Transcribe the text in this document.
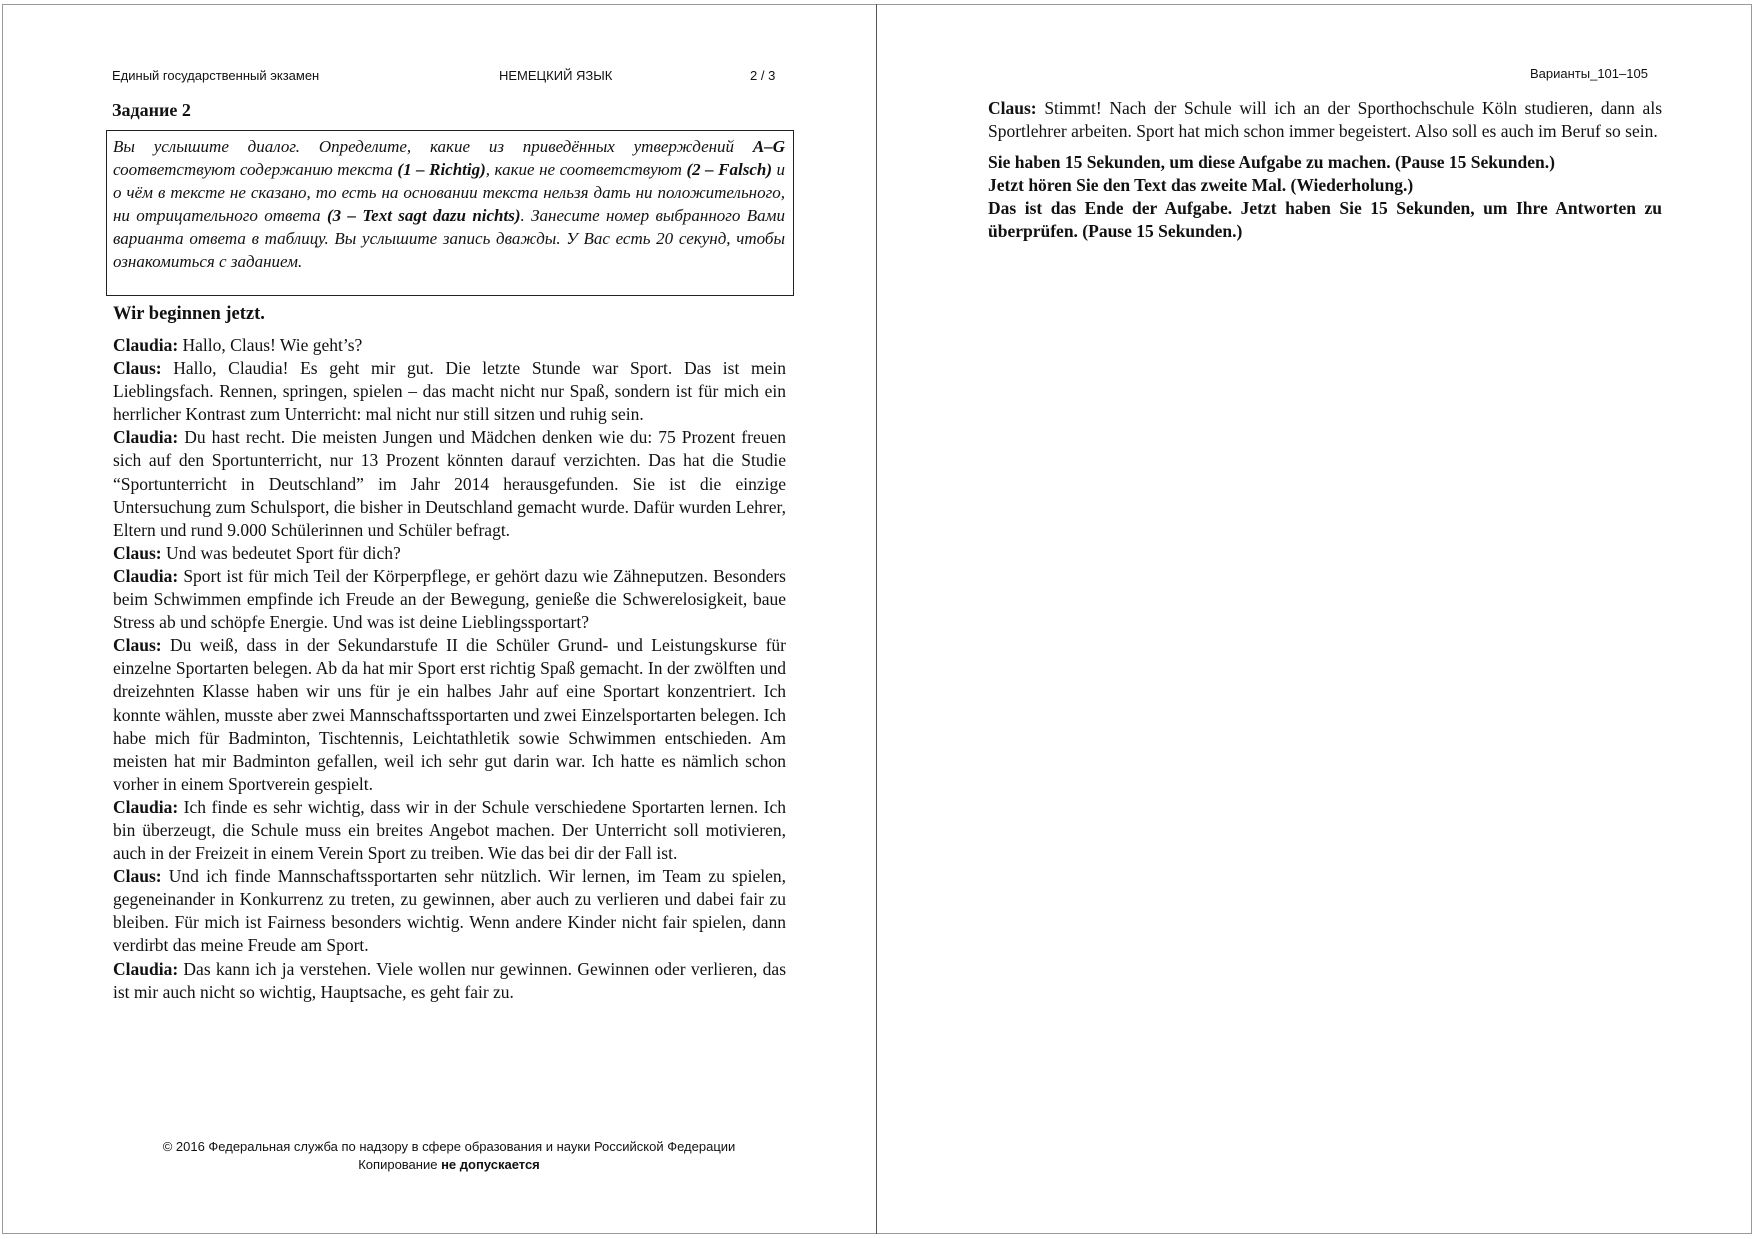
Единый государственный экзамен	НЕМЕЦКИЙ ЯЗЫК	2 / 3
Задание 2
Вы услышите диалог. Определите, какие из приведённых утверждений A–G соответствуют содержанию текста (1 – Richtig), какие не соответствуют (2 – Falsch) и о чём в тексте не сказано, то есть на основании текста нельзя дать ни положительного, ни отрицательного ответа (3 – Text sagt dazu nichts). Занесите номер выбранного Вами варианта ответа в таблицу. Вы услышите запись дважды. У Вас есть 20 секунд, чтобы ознакомиться с заданием.

Wir beginnen jetzt.

Claudia: Hallo, Claus! Wie geht’s?

Claus: Hallo, Claudia! Es geht mir gut. Die letzte Stunde war Sport. Das ist mein Lieblingsfach. Rennen, springen, spielen – das macht nicht nur Spaß, sondern ist für mich ein herrlicher Kontrast zum Unterricht: mal nicht nur still sitzen und ruhig sein.

Claudia: Du hast recht. Die meisten Jungen und Mädchen denken wie du: 75 Prozent freuen sich auf den Sportunterricht, nur 13 Prozent könnten darauf verzichten. Das hat die Studie “Sportunterricht in Deutschland” im Jahr 2014 herausgefunden. Sie ist die einzige Untersuchung zum Schulsport, die bisher in Deutschland gemacht wurde. Dafür wurden Lehrer, Eltern und rund 9.000 Schülerinnen und Schüler befragt.

Claus: Und was bedeutet Sport für dich?

Claudia: Sport ist für mich Teil der Körperpflege, er gehört dazu wie Zähneputzen. Besonders beim Schwimmen empfinde ich Freude an der Bewegung, genieße die Schwerelosigkeit, baue Stress ab und schöpfe Energie. Und was ist deine Lieblingssportart?

Claus: Du weiß, dass in der Sekundarstufe II die Schüler Grund- und Leistungskurse für einzelne Sportarten belegen. Ab da hat mir Sport erst richtig Spaß gemacht. In der zwölften und dreizehnten Klasse haben wir uns für je ein halbes Jahr auf eine Sportart konzentriert. Ich konnte wählen, musste aber zwei Mannschaftssportarten und zwei Einzelsportarten belegen. Ich habe mich für Badminton, Tischtennis, Leichtathletik sowie Schwimmen entschieden. Am meisten hat mir Badminton gefallen, weil ich sehr gut darin war. Ich hatte es nämlich schon vorher in einem Sportverein gespielt.

Claudia: Ich finde es sehr wichtig, dass wir in der Schule verschiedene Sportarten lernen. Ich bin überzeugt, die Schule muss ein breites Angebot machen. Der Unterricht soll motivieren, auch in der Freizeit in einem Verein Sport zu treiben. Wie das bei dir der Fall ist.

Claus: Und ich finde Mannschaftssportarten sehr nützlich. Wir lernen, im Team zu spielen, gegeneinander in Konkurrenz zu treten, zu gewinnen, aber auch zu verlieren und dabei fair zu bleiben. Für mich ist Fairness besonders wichtig. Wenn andere Kinder nicht fair spielen, dann verdirbt das meine Freude am Sport.

Claudia: Das kann ich ja verstehen. Viele wollen nur gewinnen. Gewinnen oder verlieren, das ist mir auch nicht so wichtig, Hauptsache, es geht fair zu.

© 2016 Федеральная служба по надзору в сфере образования и науки Российской Федерации
Копирование не допускается
Варианты_101–105

Claus: Stimmt! Nach der Schule will ich an der Sporthochschule Köln studieren, dann als Sportlehrer arbeiten. Sport hat mich schon immer begeistert. Also soll es auch im Beruf so sein.

Sie haben 15 Sekunden, um diese Aufgabe zu machen. (Pause 15 Sekunden.)

Jetzt hören Sie den Text das zweite Mal. (Wiederholung.)

Das ist das Ende der Aufgabe. Jetzt haben Sie 15 Sekunden, um Ihre Antworten zu überprüfen. (Pause 15 Sekunden.)
